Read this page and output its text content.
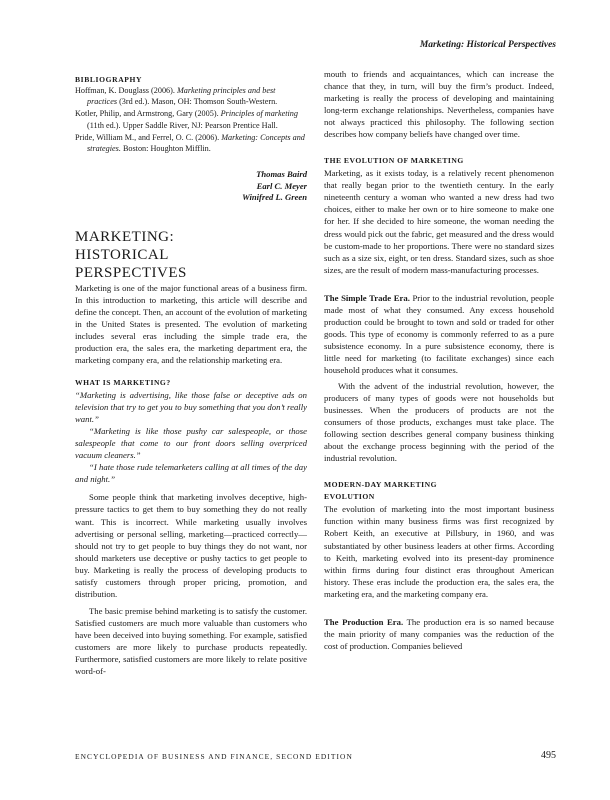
Marketing: Historical Perspectives
BIBLIOGRAPHY

Hoffman, K. Douglass (2006). Marketing principles and best practices (3rd ed.). Mason, OH: Thomson South-Western.

Kotler, Philip, and Armstrong, Gary (2005). Principles of marketing (11th ed.). Upper Saddle River, NJ: Pearson Prentice Hall.

Pride, William M., and Ferrel, O. C. (2006). Marketing: Concepts and strategies. Boston: Houghton Mifflin.

Thomas Baird
Earl C. Meyer
Winifred L. Green
MARKETING:
HISTORICAL
PERSPECTIVES

Marketing is one of the major functional areas of a business firm. In this introduction to marketing, this article will describe and define the concept. Then, an account of the evolution of marketing in the United States is presented. The evolution of marketing includes several eras including the simple trade era, the production era, the sales era, the marketing department era, the marketing company era, and the relationship marketing era.

WHAT IS MARKETING?

“Marketing is advertising, like those false or deceptive ads on television that try to get you to buy something that you don’t really want.”

“Marketing is like those pushy car salespeople, or those salespeople that come to our front doors selling overpriced vacuum cleaners.”

“I hate those rude telemarketers calling at all times of the day and night.”

Some people think that marketing involves deceptive, high-pressure tactics to get them to buy something they do not really want. This is incorrect. While marketing usually involves advertising or personal selling, marketing—practiced correctly—should not try to get people to buy things they do not want, nor should marketers use deceptive or pushy tactics to get people to buy. Marketing is really the process of developing products to satisfy customers through proper pricing, promotion, and distribution.

The basic premise behind marketing is to satisfy the customer. Satisfied customers are much more valuable than customers who have been deceived into buying something. For example, satisfied customers are more likely to purchase products repeatedly. Furthermore, satisfied customers are more likely to relate positive word-of-

mouth to friends and acquaintances, which can increase the chance that they, in turn, will buy the firm’s product. Indeed, marketing is really the process of developing and maintaining long-term exchange relationships. Nevertheless, companies have not always practiced this philosophy. The following section describes how company beliefs have changed over time.

THE EVOLUTION OF MARKETING

Marketing, as it exists today, is a relatively recent phenomenon that really began prior to the twentieth century. In the early nineteenth century a woman who wanted a new dress had two choices, either to make her own or to hire someone to make one for her. If she decided to hire someone, the woman needing the dress would pick out the fabric, get measured and the dress would be custom-made to her proportions. There were no standard sizes such as a size six, eight, or ten dress. Standard sizes, such as shoe sizes, are the result of modern mass-manufacturing processes.

The Simple Trade Era. Prior to the industrial revolution, people made most of what they consumed. Any excess household production could be brought to town and sold or traded for other goods. This type of economy is commonly referred to as a pure subsistence economy. In a pure subsistence economy, there is little need for marketing (to facilitate exchanges) since each household produces what it consumes.

With the advent of the industrial revolution, however, the producers of many types of goods were not households but businesses. When the producers of products are not the consumers of those products, exchanges must take place. The following section describes general company business thinking about the exchange process beginning with the period of the industrial revolution.

MODERN-DAY MARKETING
EVOLUTION

The evolution of marketing into the most important business function within many business firms was first recognized by Robert Keith, an executive at Pillsbury, in 1960, and was substantiated by other business leaders at other firms. According to Keith, marketing evolved into its present-day prominence within firms during four distinct eras throughout American history. These eras include the production era, the sales era, the marketing era, and the marketing company era.

The Production Era. The production era is so named because the main priority of many companies was the reduction of the cost of production. Companies believed

ENCYCLOPEDIA OF BUSINESS AND FINANCE, SECOND EDITION	495
